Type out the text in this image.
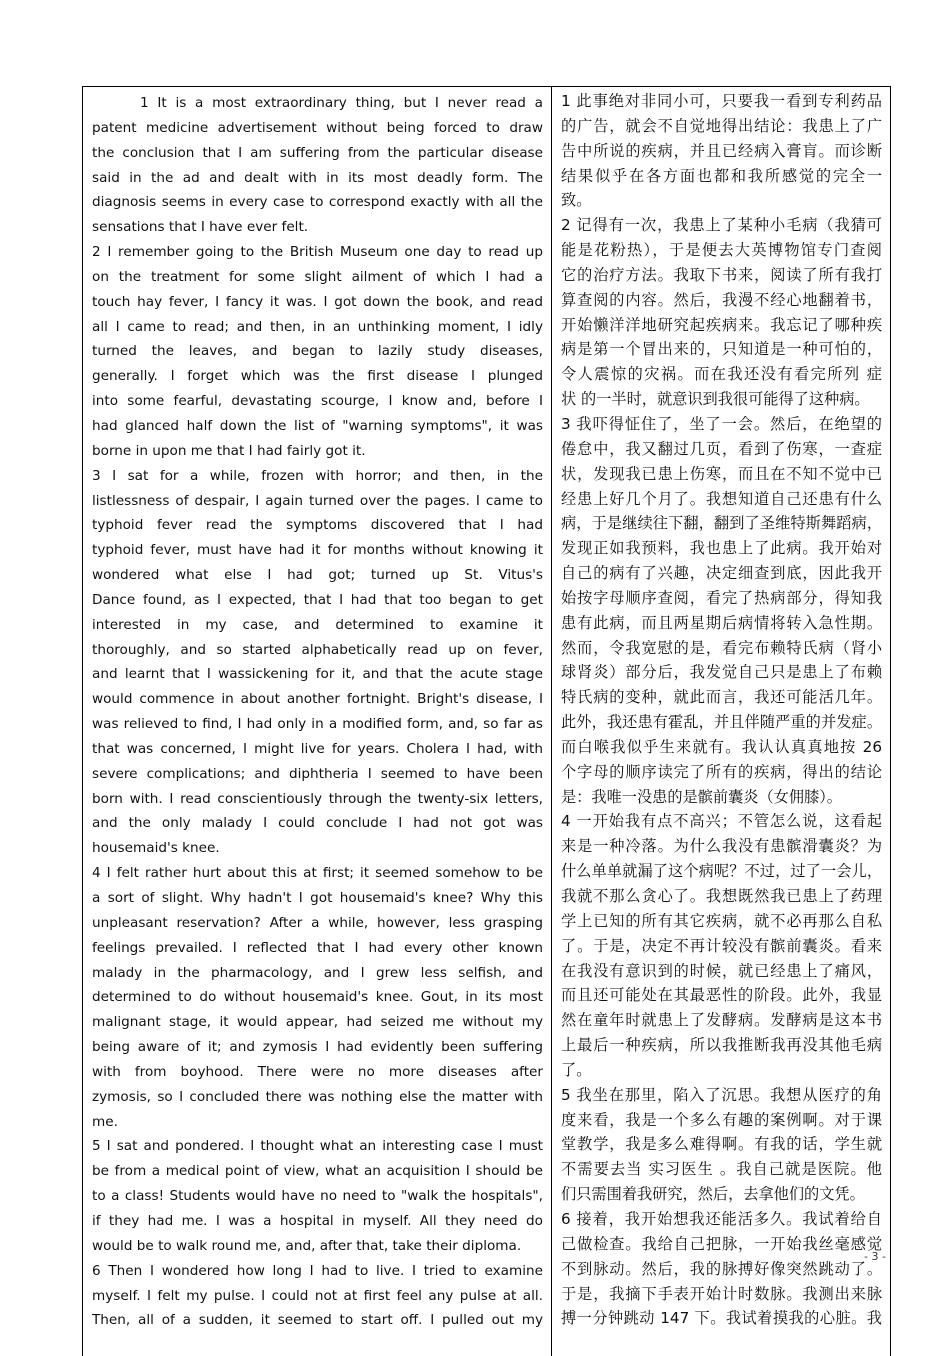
1 It is a most extraordinary thing, but I never read a
patent medicine advertisement without being forced to draw
the conclusion that I am suffering from the particular disease
said in the ad and dealt with in its most deadly form. The
diagnosis seems in every case to correspond exactly with all the
sensations that I have ever felt.
2 I remember going to the British Museum one day to read up
on the treatment for some slight ailment of which I had a
touch hay fever, I fancy it was. I got down the book, and read
all I came to read; and then, in an unthinking moment, I idly
turned the leaves, and began to lazily study diseases,
generally. I forget which was the first disease I plunged
into some fearful, devastating scourge, I know and, before I
had glanced half down the list of "warning symptoms", it was
borne in upon me that I had fairly got it.
3 I sat for a while, frozen with horror; and then, in the
listlessness of despair, I again turned over the pages. I came to
typhoid fever read the symptoms discovered that I had
typhoid fever, must have had it for months without knowing it
wondered what else I had got; turned up St. Vitus's
Dance found, as I expected, that I had that too began to get
interested in my case, and determined to examine it
thoroughly, and so started alphabetically read up on fever,
and learnt that I wassickening for it, and that the acute stage
would commence in about another fortnight. Bright's disease, I
was relieved to find, I had only in a modified form, and, so far as
that was concerned, I might live for years. Cholera I had, with
severe complications; and diphtheria I seemed to have been
born with. I read conscientiously through the twenty-six letters,
and the only malady I could conclude I had not got was
housemaid's knee.
4 I felt rather hurt about this at first; it seemed somehow to be
a sort of slight. Why hadn't I got housemaid's knee? Why this
unpleasant reservation? After a while, however, less grasping
feelings prevailed. I reflected that I had every other known
malady in the pharmacology, and I grew less selfish, and
determined to do without housemaid's knee. Gout, in its most
malignant stage, it would appear, had seized me without my
being aware of it; and zymosis I had evidently been suffering
with from boyhood. There were no more diseases after
zymosis, so I concluded there was nothing else the matter with
me.
5 I sat and pondered. I thought what an interesting case I must
be from a medical point of view, what an acquisition I should be
to a class! Students would have no need to "walk the hospitals",
if they had me. I was a hospital in myself. All they need do
would be to walk round me, and, after that, take their diploma.
6 Then I wondered how long I had to live. I tried to examine
myself. I felt my pulse. I could not at first feel any pulse at all.
Then, all of a sudden, it seemed to start off. I pulled out my
1 此事绝对非同小可，只要我一看到专利药品
的广告，就会不自觉地得出结论：我患上了广
告中所说的疾病，并且已经病入膏肓。而诊断
结果似乎在各方面也都和我所感觉的完全一
致。
2 记得有一次，我患上了某种小毛病（我猜可
能是花粉热），于是便去大英博物馆专门查阅
它的治疗方法。我取下书来，阅读了所有我打
算查阅的内容。然后，我漫不经心地翻着书，
开始懒洋洋地研究起疾病来。我忘记了哪种疾
病是第一个冒出来的，只知道是一种可怕的，
令人震惊的灾祸。而在我还没有看完所列 症
状 的一半时，就意识到我很可能得了这种病。
3 我吓得怔住了，坐了一会。然后，在绝望的
倦怠中，我又翻过几页，看到了伤寒，一查症
状，发现我已患上伤寒，而且在不知不觉中已
经患上好几个月了。我想知道自己还患有什么
病，于是继续往下翻，翻到了圣维特斯舞蹈病，
发现正如我预料，我也患上了此病。我开始对
自己的病有了兴趣，决定细查到底，因此我开
始按字母顺序查阅，看完了热病部分，得知我
患有此病，而且两星期后病情将转入急性期。
然而，令我宽慰的是，看完布赖特氏病（肾小
球肾炎）部分后，我发觉自己只是患上了布赖
特氏病的变种，就此而言，我还可能活几年。
此外，我还患有霍乱，并且伴随严重的并发症。
而白喉我似乎生来就有。我认认真真地按 26
个字母的顺序读完了所有的疾病，得出的结论
是：我唯一没患的是髌前囊炎（女佣膝）。
4 一开始我有点不高兴；不管怎么说，这看起
来是一种冷落。为什么我没有患髌滑囊炎？为
什么单单就漏了这个病呢？不过，过了一会儿，
我就不那么贪心了。我想既然我已患上了药理
学上已知的所有其它疾病，就不必再那么自私
了。于是，决定不再计较没有髌前囊炎。看来
在我没有意识到的时候，就已经患上了痛风，
而且还可能处在其最恶性的阶段。此外，我显
然在童年时就患上了发酵病。发酵病是这本书
上最后一种疾病，所以我推断我再没其他毛病
了。
5 我坐在那里，陷入了沉思。我想从医疗的角
度来看，我是一个多么有趣的案例啊。对于课
堂教学，我是多么难得啊。有我的话，学生就
不需要去当 实习医生 。我自己就是医院。他
们只需围着我研究，然后，去拿他们的文凭。
6 接着，我开始想我还能活多久。我试着给自
己做检查。我给自己把脉，一开始我丝毫感觉
不到脉动。然后，我的脉搏好像突然跳动了。
于是，我摘下手表开始计时数脉。我测出来脉
搏一分钟跳动 147 下。我试着摸我的心脏。我
- 3 -
